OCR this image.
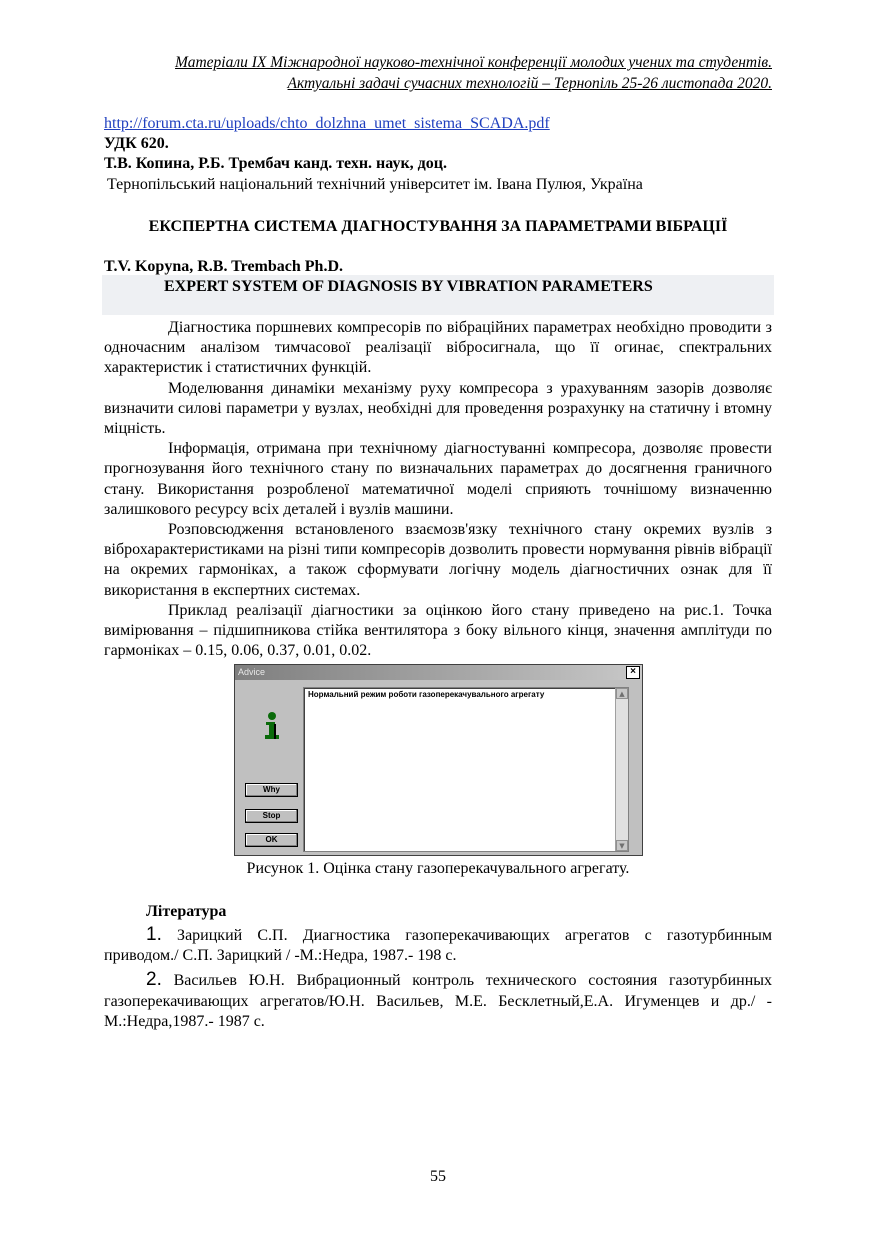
Матеріали IX Міжнародної науково-технічної конференції молодих учених та студентів.
Актуальні задачі сучасних технологій – Тернопіль 25-26 листопада 2020.
http://forum.cta.ru/uploads/chto_dolzhna_umet_sistema_SCADA.pdf
УДК 620.
Т.В. Копина, Р.Б. Трембач канд. техн. наук, доц.
Тернопільський національний технічний університет ім. Івана Пулюя, Україна
ЕКСПЕРТНА СИСТЕМА ДІАГНОСТУВАННЯ ЗА ПАРАМЕТРАМИ ВІБРАЦІЇ
T.V. Kopyna, R.B. Trembach Ph.D.
EXPERT SYSTEM OF DIAGNOSIS BY VIBRATION PARAMETERS

Діагностика поршневих компресорів по вібраційних параметрах необхідно проводити з одночасним аналізом тимчасової реалізації вібросигнала, що її огинає, спектральних характеристик і статистичних функцій.

Моделювання динаміки механізму руху компресора з урахуванням зазорів дозволяє визначити силові параметри у вузлах, необхідні для проведення розрахунку на статичну і втомну міцність.

Інформація, отримана при технічному діагностуванні компресора, дозволяє провести прогнозування його технічного стану по визначальних параметрах до досягнення граничного стану. Використання розробленої математичної моделі сприяють точнішому визначенню залишкового ресурсу всіх деталей і вузлів машини.

Розповсюдження встановленого взаємозв'язку технічного стану окремих вузлів з віброхарактеристиками на різні типи компресорів дозволить провести нормування рівнів вібрації на окремих гармоніках, а також сформувати логічну модель діагностичних ознак для її використання в експертних системах.

Приклад реалізації діагностики за оцінкою його стану приведено на рис.1. Точка вимірювання – підшипникова стійка вентилятора з боку вільного кінця, значення амплітуди по гармоніках – 0.15, 0.06, 0.37, 0.01, 0.02.

Advice	×
Why
Stop
OK
Нормальний режим роботи газоперекачувального агрегату	▲
▼
Рисунок 1. Оцінка стану газоперекачувального агрегату.
Література

1. Зарицкий С.П. Диагностика газоперекачивающих агрегатов с газотурбинным приводом./ С.П. Зарицкий / -М.:Недра, 1987.- 198 с.

2. Васильев Ю.Н. Вибрационный контроль технического состояния газотурбинных газоперекачивающих агрегатов/Ю.Н. Васильев, М.Е. Бесклетный,Е.А. Игуменцев и др./ - М.:Недра,1987.- 1987 с.

55
